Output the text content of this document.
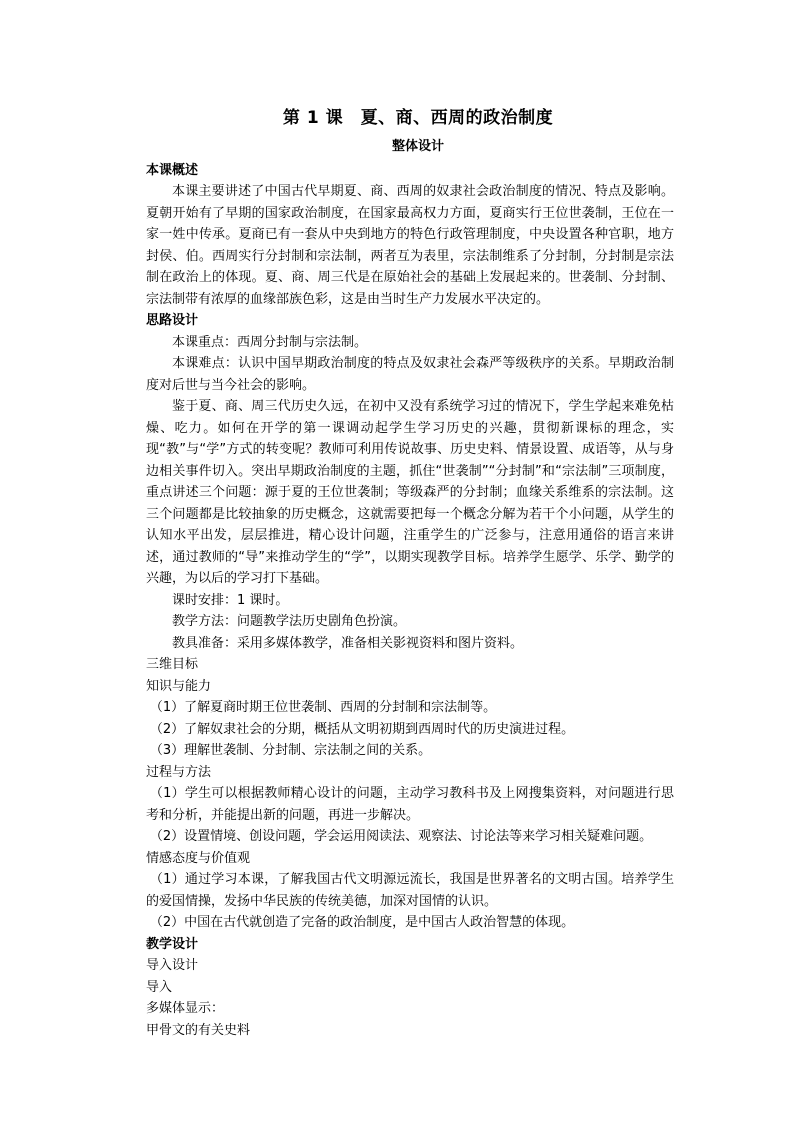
第 1 课　夏、商、西周的政治制度
整体设计
本课概述

本课主要讲述了中国古代早期夏、商、西周的奴隶社会政治制度的情况、特点及影响。夏朝开始有了早期的国家政治制度，在国家最高权力方面，夏商实行王位世袭制，王位在一家一姓中传承。夏商已有一套从中央到地方的特色行政管理制度，中央设置各种官职，地方封侯、伯。西周实行分封制和宗法制，两者互为表里，宗法制维系了分封制，分封制是宗法制在政治上的体现。夏、商、周三代是在原始社会的基础上发展起来的。世袭制、分封制、宗法制带有浓厚的血缘部族色彩，这是由当时生产力发展水平决定的。

思路设计

本课重点：西周分封制与宗法制。

本课难点：认识中国早期政治制度的特点及奴隶社会森严等级秩序的关系。早期政治制度对后世与当今社会的影响。

鉴于夏、商、周三代历史久远，在初中又没有系统学习过的情况下，学生学起来难免枯燥、吃力。如何在开学的第一课调动起学生学习历史的兴趣，贯彻新课标的理念，实现“教”与“学”方式的转变呢？教师可利用传说故事、历史史料、情景设置、成语等，从与身边相关事件切入。突出早期政治制度的主题，抓住“世袭制”“分封制”和“宗法制”三项制度，重点讲述三个问题：源于夏的王位世袭制；等级森严的分封制；血缘关系维系的宗法制。这三个问题都是比较抽象的历史概念，这就需要把每一个概念分解为若干个小问题，从学生的认知水平出发，层层推进，精心设计问题，注重学生的广泛参与，注意用通俗的语言来讲述，通过教师的“导”来推动学生的“学”，以期实现教学目标。培养学生愿学、乐学、勤学的兴趣，为以后的学习打下基础。

课时安排：1 课时。

教学方法：问题教学法历史剧角色扮演。

教具准备：采用多媒体教学，准备相关影视资料和图片资料。

三维目标
知识与能力

（1）了解夏商时期王位世袭制、西周的分封制和宗法制等。

（2）了解奴隶社会的分期，概括从文明初期到西周时代的历史演进过程。

（3）理解世袭制、分封制、宗法制之间的关系。

过程与方法

（1）学生可以根据教师精心设计的问题，主动学习教科书及上网搜集资料，对问题进行思考和分析，并能提出新的问题，再进一步解决。

（2）设置情境、创设问题，学会运用阅读法、观察法、讨论法等来学习相关疑难问题。

情感态度与价值观

（1）通过学习本课，了解我国古代文明源远流长，我国是世界著名的文明古国。培养学生的爱国情操，发扬中华民族的传统美德，加深对国情的认识。

（2）中国在古代就创造了完备的政治制度，是中国古人政治智慧的体现。

教学设计
导入设计
导入
多媒体显示：
甲骨文的有关史料
